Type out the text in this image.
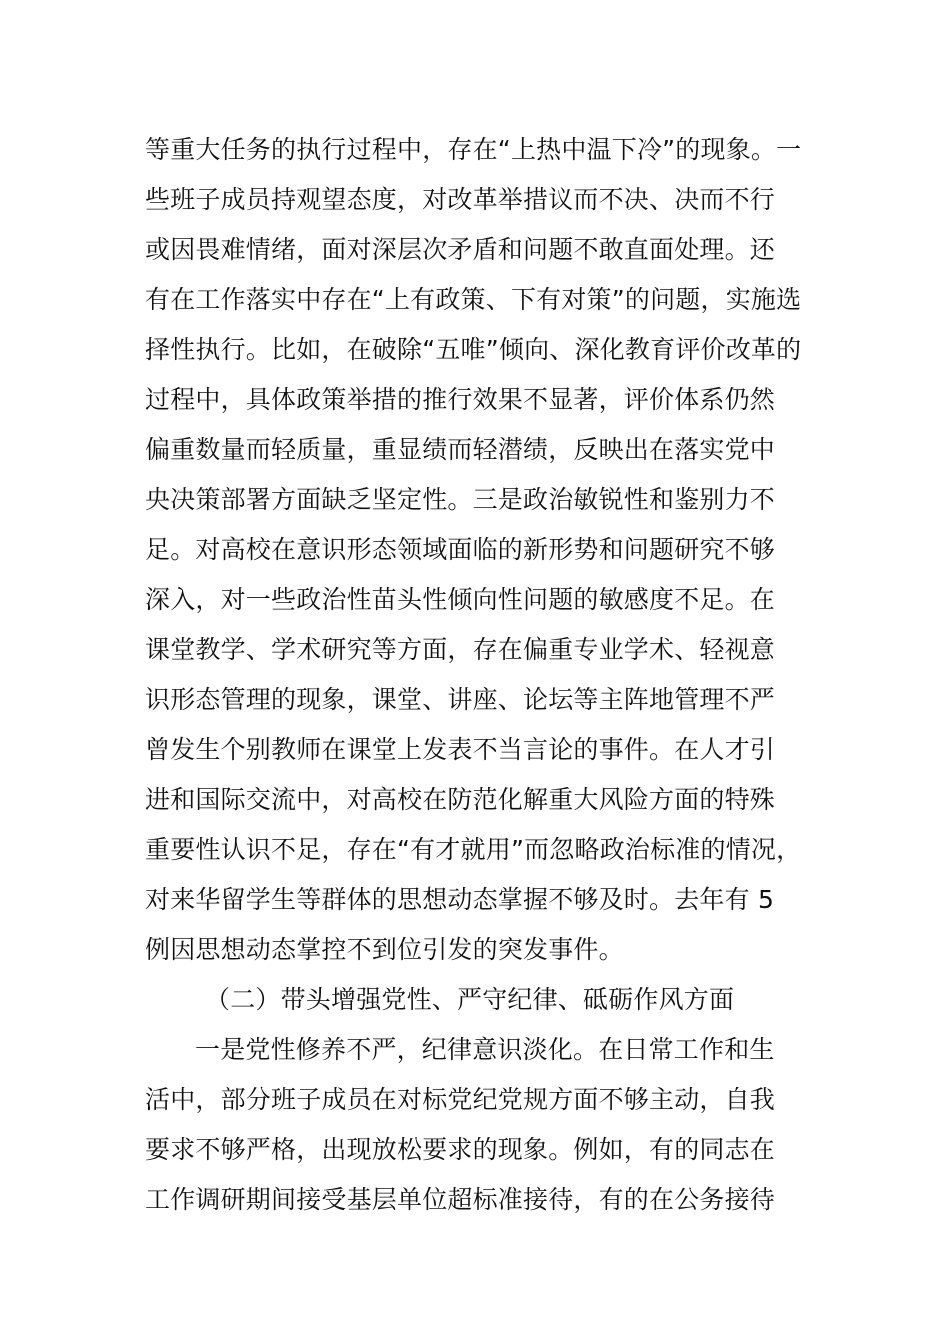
等重大任务的执行过程中，存在“上热中温下冷”的现象。一
些班子成员持观望态度，对改革举措议而不决、决而不行
或因畏难情绪，面对深层次矛盾和问题不敢直面处理。还
有在工作落实中存在“上有政策、下有对策”的问题，实施选
择性执行。比如，在破除“五唯”倾向、深化教育评价改革的
过程中，具体政策举措的推行效果不显著，评价体系仍然
偏重数量而轻质量，重显绩而轻潜绩，反映出在落实党中
央决策部署方面缺乏坚定性。三是政治敏锐性和鉴别力不
足。对高校在意识形态领域面临的新形势和问题研究不够
深入，对一些政治性苗头性倾向性问题的敏感度不足。在
课堂教学、学术研究等方面，存在偏重专业学术、轻视意
识形态管理的现象，课堂、讲座、论坛等主阵地管理不严
曾发生个别教师在课堂上发表不当言论的事件。在人才引
进和国际交流中，对高校在防范化解重大风险方面的特殊
重要性认识不足，存在“有才就用”而忽略政治标准的情况，
对来华留学生等群体的思想动态掌握不够及时。去年有 5
例因思想动态掌控不到位引发的突发事件。
（二）带头增强党性、严守纪律、砥砺作风方面
一是党性修养不严，纪律意识淡化。在日常工作和生
活中，部分班子成员在对标党纪党规方面不够主动，自我
要求不够严格，出现放松要求的现象。例如，有的同志在
工作调研期间接受基层单位超标准接待，有的在公务接待
